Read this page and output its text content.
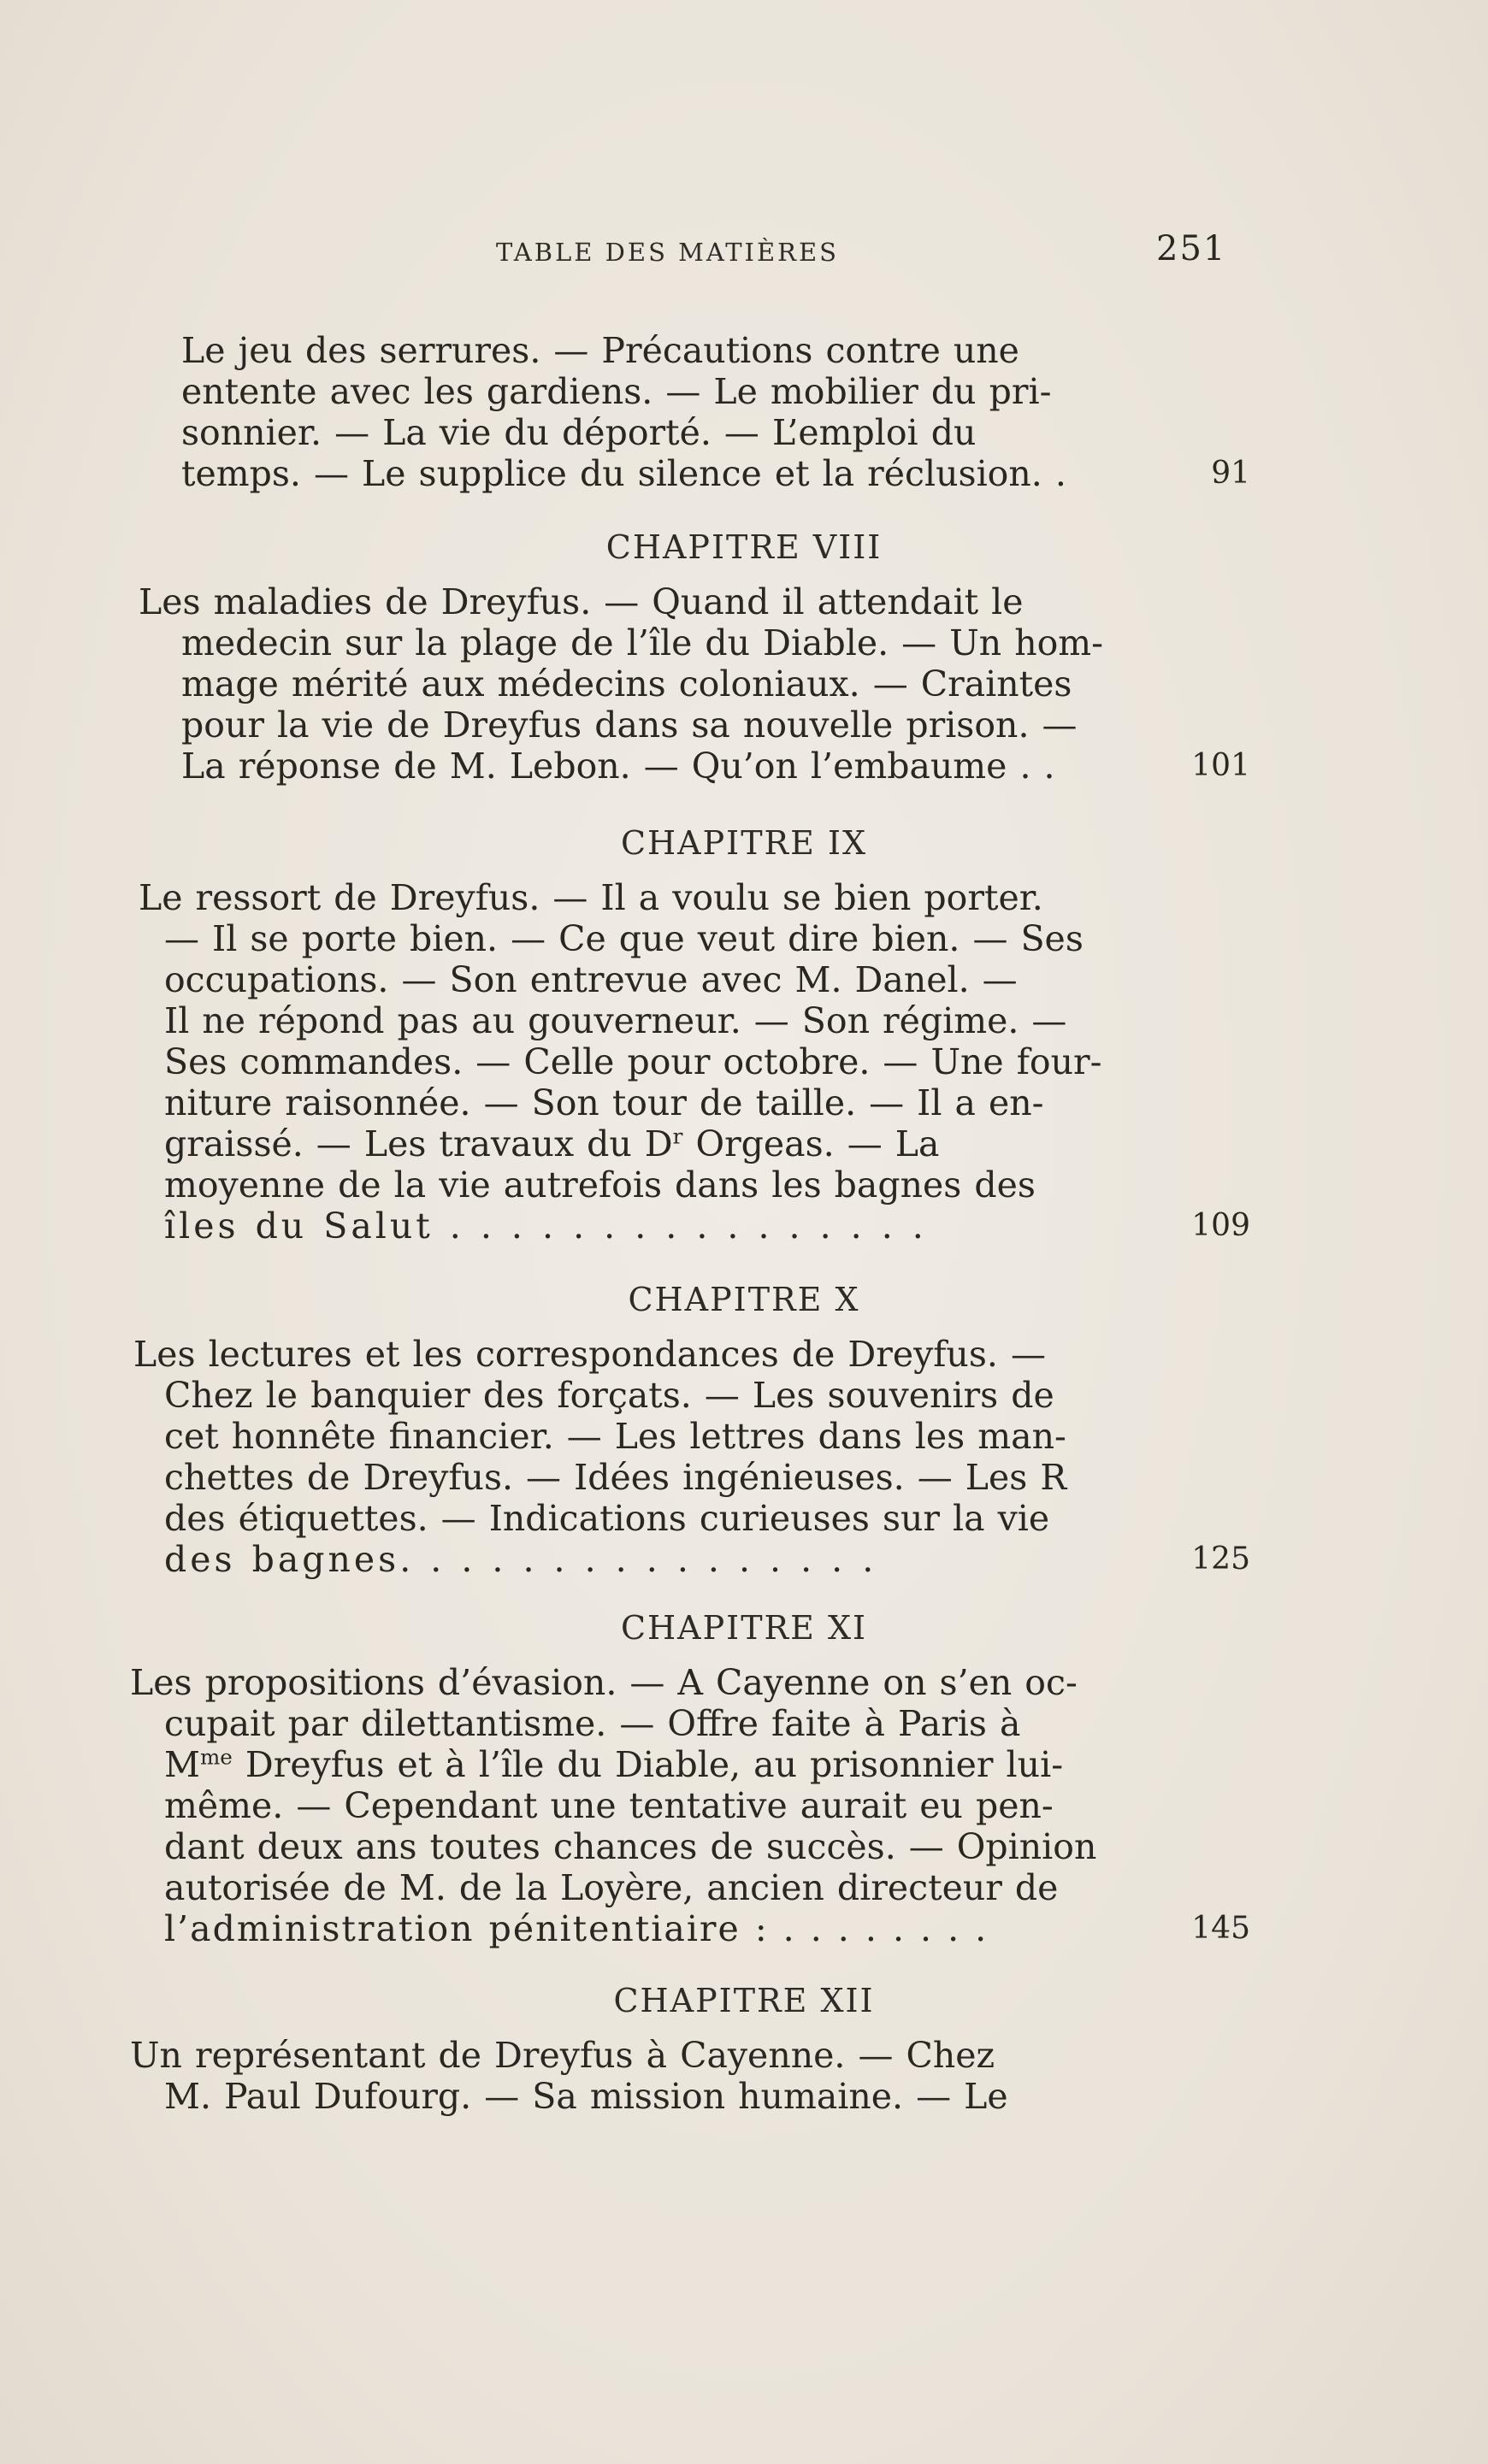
TABLE DES MATIÈRES	251
Le jeu des serrures. — Précautions contre une
entente avec les gardiens. — Le mobilier du pri-
sonnier. — La vie du déporté. — L’emploi du
temps. — Le supplice du silence et la réclusion. .	91
CHAPITRE VIII
Les maladies de Dreyfus. — Quand il attendait le
medecin sur la plage de l’île du Diable. — Un hom-
mage mérité aux médecins coloniaux. — Craintes
pour la vie de Dreyfus dans sa nouvelle prison. —
La réponse de M. Lebon. — Qu’on l’embaume . .	101
CHAPITRE IX
Le ressort de Dreyfus. — Il a voulu se bien porter.
— Il se porte bien. — Ce que veut dire bien. — Ses
occupations. — Son entrevue avec M. Danel. —
Il ne répond pas au gouverneur. — Son régime. —
Ses commandes. — Celle pour octobre. — Une four-
niture raisonnée. — Son tour de taille. — Il a en-
graissé. — Les travaux du $D^r$ Orgeas. — La
moyenne de la vie autrefois dans les bagnes des
îles du Salut . . . . . . . . . . . . . . . .	109
CHAPITRE X
Les lectures et les correspondances de Dreyfus. —
Chez le banquier des forçats. — Les souvenirs de
cet honnête financier. — Les lettres dans les man-
chettes de Dreyfus. — Idées ingénieuses. — Les R
des étiquettes. — Indications curieuses sur la vie
des bagnes. . . . . . . . . . . . . . . .	125
CHAPITRE XI
Les propositions d’évasion. — A Cayenne on s’en oc-
cupait par dilettantisme. — Offre faite à Paris à
$M^{me}$ Dreyfus et à l’île du Diable, au prisonnier lui-
même. — Cependant une tentative aurait eu pen-
dant deux ans toutes chances de succès. — Opinion
autorisée de M. de la Loyère, ancien directeur de
l’administration pénitentiaire : . . . . . . . .	145
CHAPITRE XII
Un représentant de Dreyfus à Cayenne. — Chez
M. Paul Dufourg. — Sa mission humaine. — Le
